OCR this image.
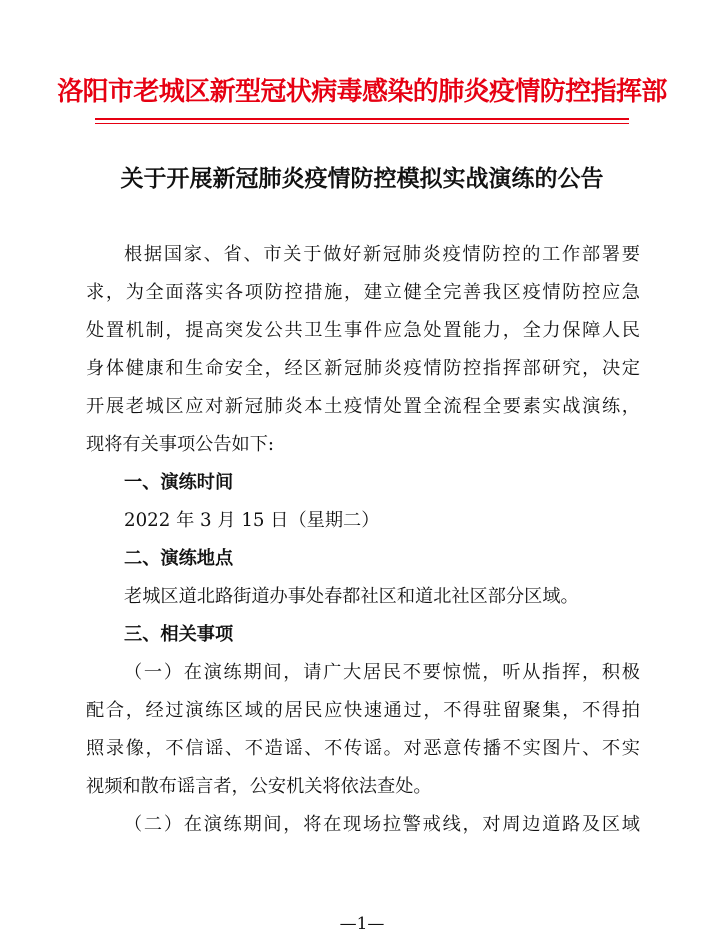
洛阳市老城区新型冠状病毒感染的肺炎疫情防控指挥部
关于开展新冠肺炎疫情防控模拟实战演练的公告
根据国家、省、市关于做好新冠肺炎疫情防控的工作部署要
求，为全面落实各项防控措施，建立健全完善我区疫情防控应急
处置机制，提高突发公共卫生事件应急处置能力，全力保障人民
身体健康和生命安全，经区新冠肺炎疫情防控指挥部研究，决定
开展老城区应对新冠肺炎本土疫情处置全流程全要素实战演练，
现将有关事项公告如下:
一、演练时间
2022 年 3 月 15 日（星期二）
二、演练地点
老城区道北路街道办事处春都社区和道北社区部分区域。
三、相关事项
（一）在演练期间，请广大居民不要惊慌，听从指挥，积极
配合，经过演练区域的居民应快速通过，不得驻留聚集，不得拍
照录像，不信谣、不造谣、不传谣。对恶意传播不实图片、不实
视频和散布谣言者，公安机关将依法查处。
（二）在演练期间，将在现场拉警戒线，对周边道路及区域
—1—
